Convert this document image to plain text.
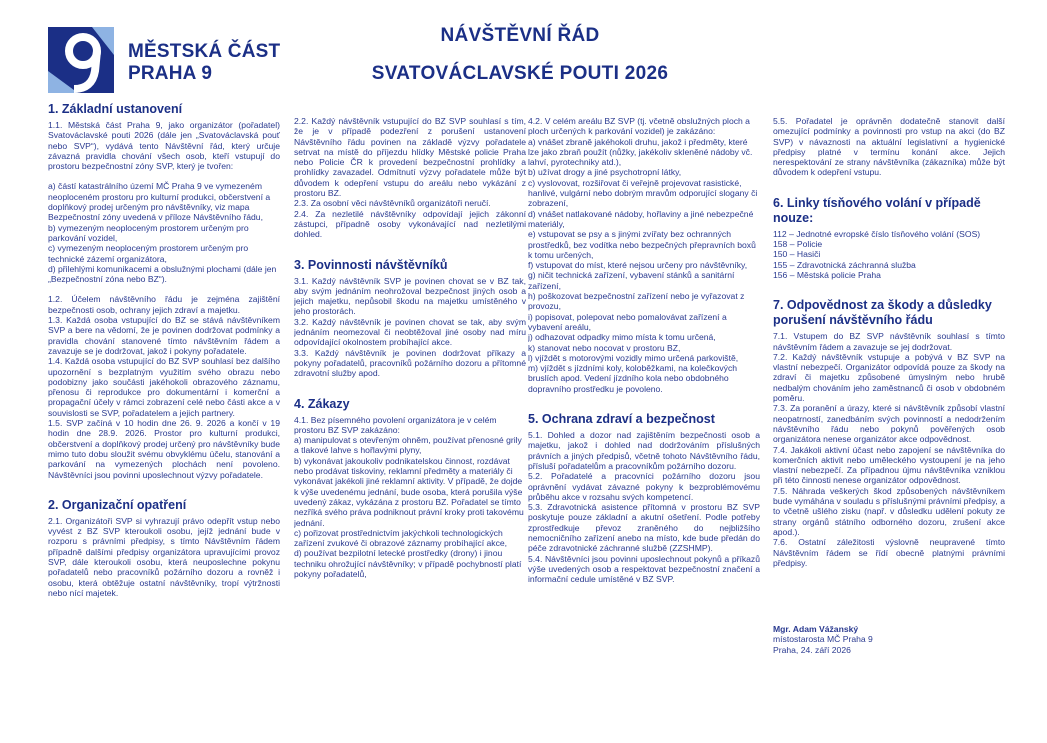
MĚSTSKÁ ČÁST
PRAHA 9
NÁVŠTĚVNÍ ŘÁD
SVATOVÁCLAVSKÉ POUTI 2026
1. Základní ustanovení

1.1. Městská část Praha 9, jako organizátor (pořadatel) Svatováclavské pouti 2026 (dále jen „Svatováclavská pouť nebo SVP“), vydává tento Návštěvní řád, který určuje závazná pravidla chování všech osob, kteří vstupují do prostoru bezpečnostní zóny SVP, který je tvořen:

a) částí katastrálního území MČ Praha 9 ve vymezeném neoploceném prostoru pro kulturní produkci, občerstvení a doplňkový prodej určeným pro návštěvníky, viz mapa Bezpečnostní zóny uvedená v příloze Návštěvního řádu,
b) vymezeným neoploceným prostorem určeným pro parkování vozidel,
c) vymezeným neoploceným prostorem určeným pro technické zázemí organizátora,
d) přilehlými komunikacemi a obslužnými plochami (dále jen „Bezpečnostní zóna nebo BZ“).

1.2. Účelem návštěvního řádu je zejména zajištění bezpečnosti osob, ochrany jejich zdraví a majetku.
1.3. Každá osoba vstupující do BZ se stává návštěvníkem SVP a bere na vědomí, že je povinen dodržovat podmínky a pravidla chování stanovené tímto návštěvním řádem a zavazuje se je dodržovat, jakož i pokyny pořadatele.
1.4. Každá osoba vstupující do BZ SVP souhlasí bez dalšího upozornění s bezplatným využitím svého obrazu nebo podobizny jako součásti jakéhokoli obrazového záznamu, přenosu či reprodukce pro dokumentární i komerční a propagační účely v rámci zobrazení celé nebo části akce a v souvislosti se SVP, pořadatelem a jejich partnery.
1.5. SVP začíná v 10 hodin dne 26. 9. 2026 a končí v 19 hodin dne 28.9. 2026. Prostor pro kulturní produkci, občerstvení a doplňkový prodej určený pro návštěvníky bude mimo tuto dobu sloužit svému obvyklému účelu, stanování a parkování na vymezených plochách není povoleno. Návštěvníci jsou povinni uposlechnout výzvy pořadatele.

2. Organizační opatření

2.1. Organizátoři SVP si vyhrazují právo odepřít vstup nebo vyvést z BZ SVP kteroukoli osobu, jejíž jednání bude v rozporu s právními předpisy, s tímto Návštěvním řádem případně dalšími předpisy organizátora upravujícími provoz SVP, dále kteroukoli osobu, která neuposlechne pokynu pořadatelů nebo pracovníků požárního dozoru a rovněž i osobu, která obtěžuje ostatní návštěvníky, tropí výtržnosti nebo nící majetek.

2.2. Každý návštěvník vstupující do BZ SVP souhlasí s tím, že je v případě podezření z porušení ustanovení Návštěvního řádu povinen na základě výzvy pořadatele setrvat na místě do příjezdu hlídky Městské policie Praha nebo Policie ČR k provedení bezpečnostní prohlídky a prohlídky zavazadel. Odmítnutí výzvy pořadatele může být důvodem k odepření vstupu do areálu nebo vykázání z prostoru BZ.
2.3. Za osobní věci návštěvníků organizátoři neručí.
2.4. Za nezletilé návštěvníky odpovídají jejich zákonní zástupci, případně osoby vykonávající nad nezletilými dohled.

3. Povinnosti návštěvníků

3.1. Každý návštěvník SVP je povinen chovat se v BZ tak, aby svým jednáním neohrožoval bezpečnost jiných osob a jejich majetku, nepůsobil škodu na majetku umístěného v jeho prostorách.
3.2. Každý návštěvník je povinen chovat se tak, aby svým jednáním neomezoval či neobtěžoval jiné osoby nad míru odpovídající okolnostem probíhající akce.
3.3. Každý návštěvník je povinen dodržovat příkazy a pokyny pořadatelů, pracovníků požárního dozoru a přítomné zdravotní služby apod.

4. Zákazy

4.1. Bez písemného povolení organizátora je v celém prostoru BZ SVP zakázáno:
a) manipulovat s otevřeným ohněm, používat přenosné grily a tlakové lahve s hořlavými plyny,
b) vykonávat jakoukoliv podnikatelskou činnost, rozdávat nebo prodávat tiskoviny, reklamní předměty a materiály či vykonávat jakékoli jiné reklamní aktivity. V případě, že dojde k výše uvedenému jednání, bude osoba, která porušila výše uvedený zákaz, vykázána z prostoru BZ. Pořadatel se tímto nezříká svého práva podniknout právní kroky proti takovému jednání.
c) pořizovat prostřednictvím jakýchkoli technologických zařízení zvukové či obrazové záznamy probíhající akce,
d) používat bezpilotní letecké prostředky (drony) i jinou techniku ohrožující návštěvníky; v případě pochybností platí pokyny pořadatelů,

4.2. V celém areálu BZ SVP (tj. včetně obslužných ploch a ploch určených k parkování vozidel) je zakázáno:
a) vnášet zbraně jakéhokoli druhu, jakož i předměty, které lze jako zbraň použít (nůžky, jakékoliv skleněné nádoby vč. lahví, pyrotechniky atd.),
b) užívat drogy a jiné psychotropní látky,
c) vyslovovat, rozšiřovat či veřejně projevovat rasistické, hanlivé, vulgární nebo dobrým mravům odporující slogany či zobrazení,
d) vnášet natlakované nádoby, hořlaviny a jiné nebezpečné materiály,
e) vstupovat se psy a s jinými zvířaty bez ochranných prostředků, bez vodítka nebo bezpečných přepravních boxů k tomu určených,
f) vstupovat do míst, které nejsou určeny pro návštěvníky,
g) ničit technická zařízení, vybavení stánků a sanitární zařízení,
h) poškozovat bezpečnostní zařízení nebo je vyřazovat z provozu,
i) popisovat, polepovat nebo pomalovávat zařízení a vybavení areálu,
j) odhazovat odpadky mimo místa k tomu určená,
k) stanovat nebo nocovat v prostoru BZ,
l) vjíždět s motorovými vozidly mimo určená parkoviště,
m) vjíždět s jízdními koly, koloběžkami, na kolečkových bruslích apod. Vedení jízdního kola nebo obdobného dopravního prostředku je povoleno.

5. Ochrana zdraví a bezpečnost

5.1. Dohled a dozor nad zajištěním bezpečnosti osob a majetku, jakož i dohled nad dodržováním příslušných právních a jiných předpisů, včetně tohoto Návštěvního řádu, přísluší pořadatelům a pracovníkům požárního dozoru.
5.2. Pořadatelé a pracovníci požárního dozoru jsou oprávnění vydávat závazné pokyny k bezproblémovému průběhu akce v rozsahu svých kompetencí.
5.3. Zdravotnická asistence přítomná v prostoru BZ SVP poskytuje pouze základní a akutní ošetření. Podle potřeby zprostředkuje převoz zraněného do nejbližšího nemocničního zařízení anebo na místo, kde bude předán do péče zdravotnické záchranné službě (ZZSHMP).
5.4. Návštěvníci jsou povinni uposlechnout pokynů a příkazů výše uvedených osob a respektovat bezpečnostní značení a informační cedule umístěné v BZ SVP.

5.5. Pořadatel je oprávněn dodatečně stanovit další omezující podmínky a povinnosti pro vstup na akci (do BZ SVP) v návaznosti na aktuální legislativní a hygienické předpisy platné v termínu konání akce. Jejich nerespektování ze strany návštěvníka (zákazníka) může být důvodem k odepření vstupu.

6. Linky tísňového volání v případě nouze:

112 – Jednotné evropské číslo tísňového volání (SOS)
158 – Policie
150 – Hasiči
155 – Zdravotnická záchranná služba
156 – Městská policie Praha

7. Odpovědnost za škody a důsledky porušení návštěvního řádu

7.1. Vstupem do BZ SVP návštěvník souhlasí s tímto návštěvním řádem a zavazuje se jej dodržovat.
7.2. Každý návštěvník vstupuje a pobývá v BZ SVP na vlastní nebezpečí. Organizátor odpovídá pouze za škody na zdraví či majetku způsobené úmyslným nebo hrubě nedbalým chováním jeho zaměstnanců či osob v obdobném poměru.
7.3. Za poranění a úrazy, které si návštěvník způsobí vlastní neopatrností, zanedbáním svých povinností a nedodržením návštěvního řádu nebo pokynů pověřených osob organizátora nenese organizátor akce odpovědnost.
7.4. Jakákoli aktivní účast nebo zapojení se návštěvníka do komerčních aktivit nebo uměleckého vystoupení je na jeho vlastní nebezpečí. Za případnou újmu návštěvníka vzniklou při této činnosti nenese organizátor odpovědnost.
7.5. Náhrada veškerých škod způsobených návštěvníkem bude vymáhána v souladu s příslušnými právními předpisy, a to včetně ušlého zisku (např. v důsledku udělení pokuty ze strany orgánů státního odborného dozoru, zrušení akce apod.).
7.6. Ostatní záležitosti výslovně neupravené tímto Návštěvním řádem se řídí obecně platnými právními předpisy.

Mgr. Adam Vážanský
místostarosta MČ Praha 9
Praha, 24. září 2026
